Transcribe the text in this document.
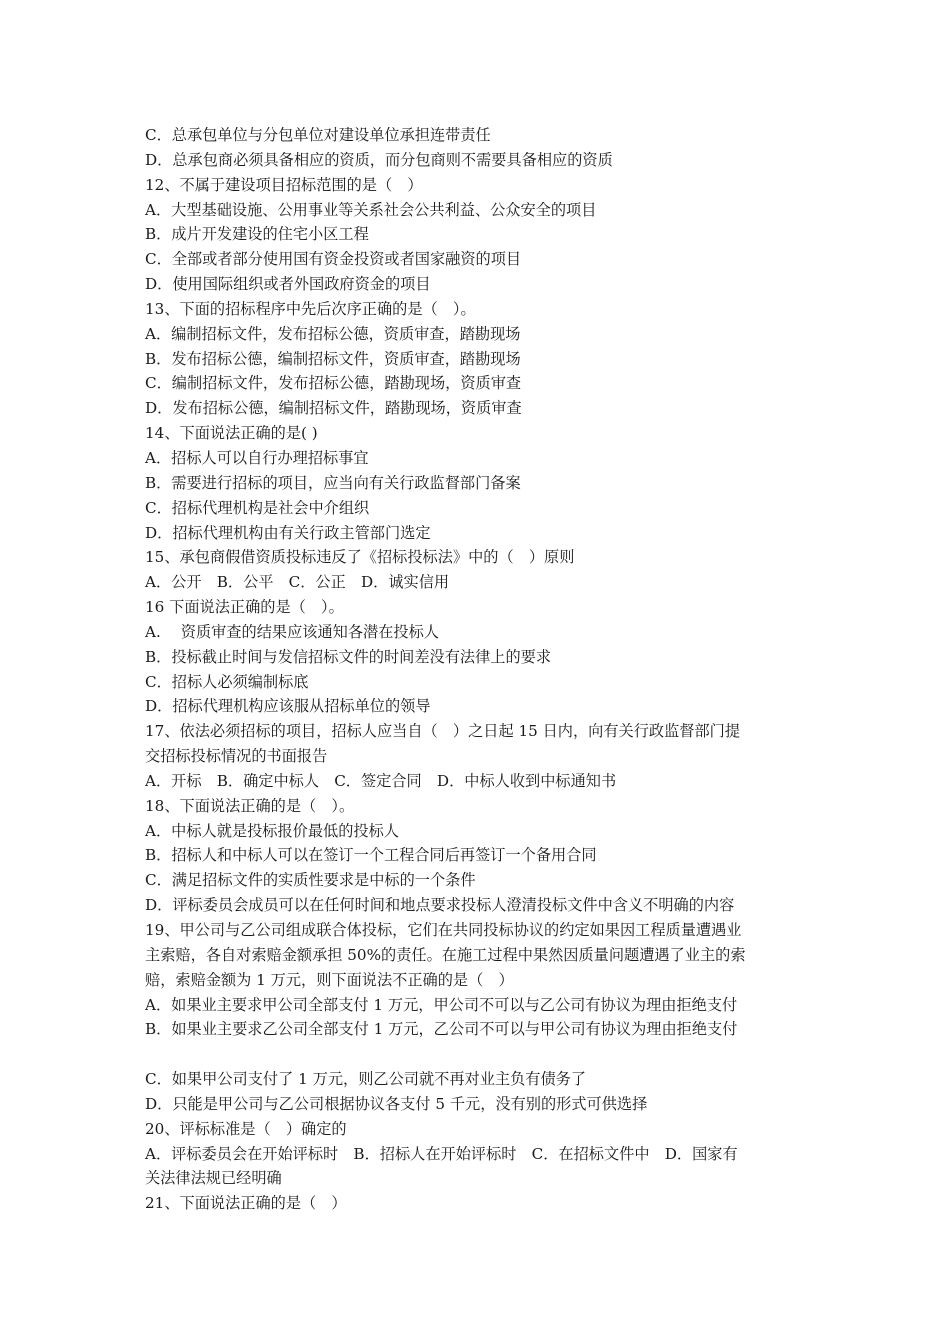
C．总承包单位与分包单位对建设单位承担连带责任
D．总承包商必须具备相应的资质，而分包商则不需要具备相应的资质
12、不属于建设项目招标范围的是（　）
A．大型基础设施、公用事业等关系社会公共利益、公众安全的项目
B．成片开发建设的住宅小区工程
C．全部或者部分使用国有资金投资或者国家融资的项目
D．使用国际组织或者外国政府资金的项目
13、下面的招标程序中先后次序正确的是（　）。
A．编制招标文件，发布招标公德，资质审查，踏勘现场
B．发布招标公德，编制招标文件，资质审查，踏勘现场
C．编制招标文件，发布招标公德，踏勘现场，资质审查
D．发布招标公德，编制招标文件，踏勘现场，资质审查
14、下面说法正确的是( )
A．招标人可以自行办理招标事宜
B．需要进行招标的项目，应当向有关行政监督部门备案
C．招标代理机构是社会中介组织
D．招标代理机构由有关行政主管部门选定
15、承包商假借资质投标违反了《招标投标法》中的（　）原则
A．公开　B．公平　C．公正　D．诚实信用
16 下面说法正确的是（　）。
A.　 资质审查的结果应该通知各潜在投标人
B．投标截止时间与发信招标文件的时间差没有法律上的要求
C．招标人必须编制标底
D．招标代理机构应该服从招标单位的领导
17、依法必须招标的项目，招标人应当自（　）之日起 15 日内，向有关行政监督部门提
交招标投标情况的书面报告
A．开标　B．确定中标人　C．签定合同　D．中标人收到中标通知书
18、下面说法正确的是（　）。
A．中标人就是投标报价最低的投标人
B．招标人和中标人可以在签订一个工程合同后再签订一个备用合同
C．满足招标文件的实质性要求是中标的一个条件
D．评标委员会成员可以在任何时间和地点要求投标人澄清投标文件中含义不明确的内容
19、甲公司与乙公司组成联合体投标，它们在共同投标协议的约定如果因工程质量遭遇业
主索赔，各自对索赔金额承担 50%的责任。在施工过程中果然因质量问题遭遇了业主的索
赔，索赔金额为 1 万元，则下面说法不正确的是（　）
A．如果业主要求甲公司全部支付 1 万元，甲公司不可以与乙公司有协议为理由拒绝支付
B．如果业主要求乙公司全部支付 1 万元，乙公司不可以与甲公司有协议为理由拒绝支付
C．如果甲公司支付了 1 万元，则乙公司就不再对业主负有债务了
D．只能是甲公司与乙公司根据协议各支付 5 千元，没有别的形式可供选择
20、评标标准是（　）确定的
A．评标委员会在开始评标时　B．招标人在开始评标时　C．在招标文件中　D．国家有
关法律法规已经明确
21、下面说法正确的是（　）
